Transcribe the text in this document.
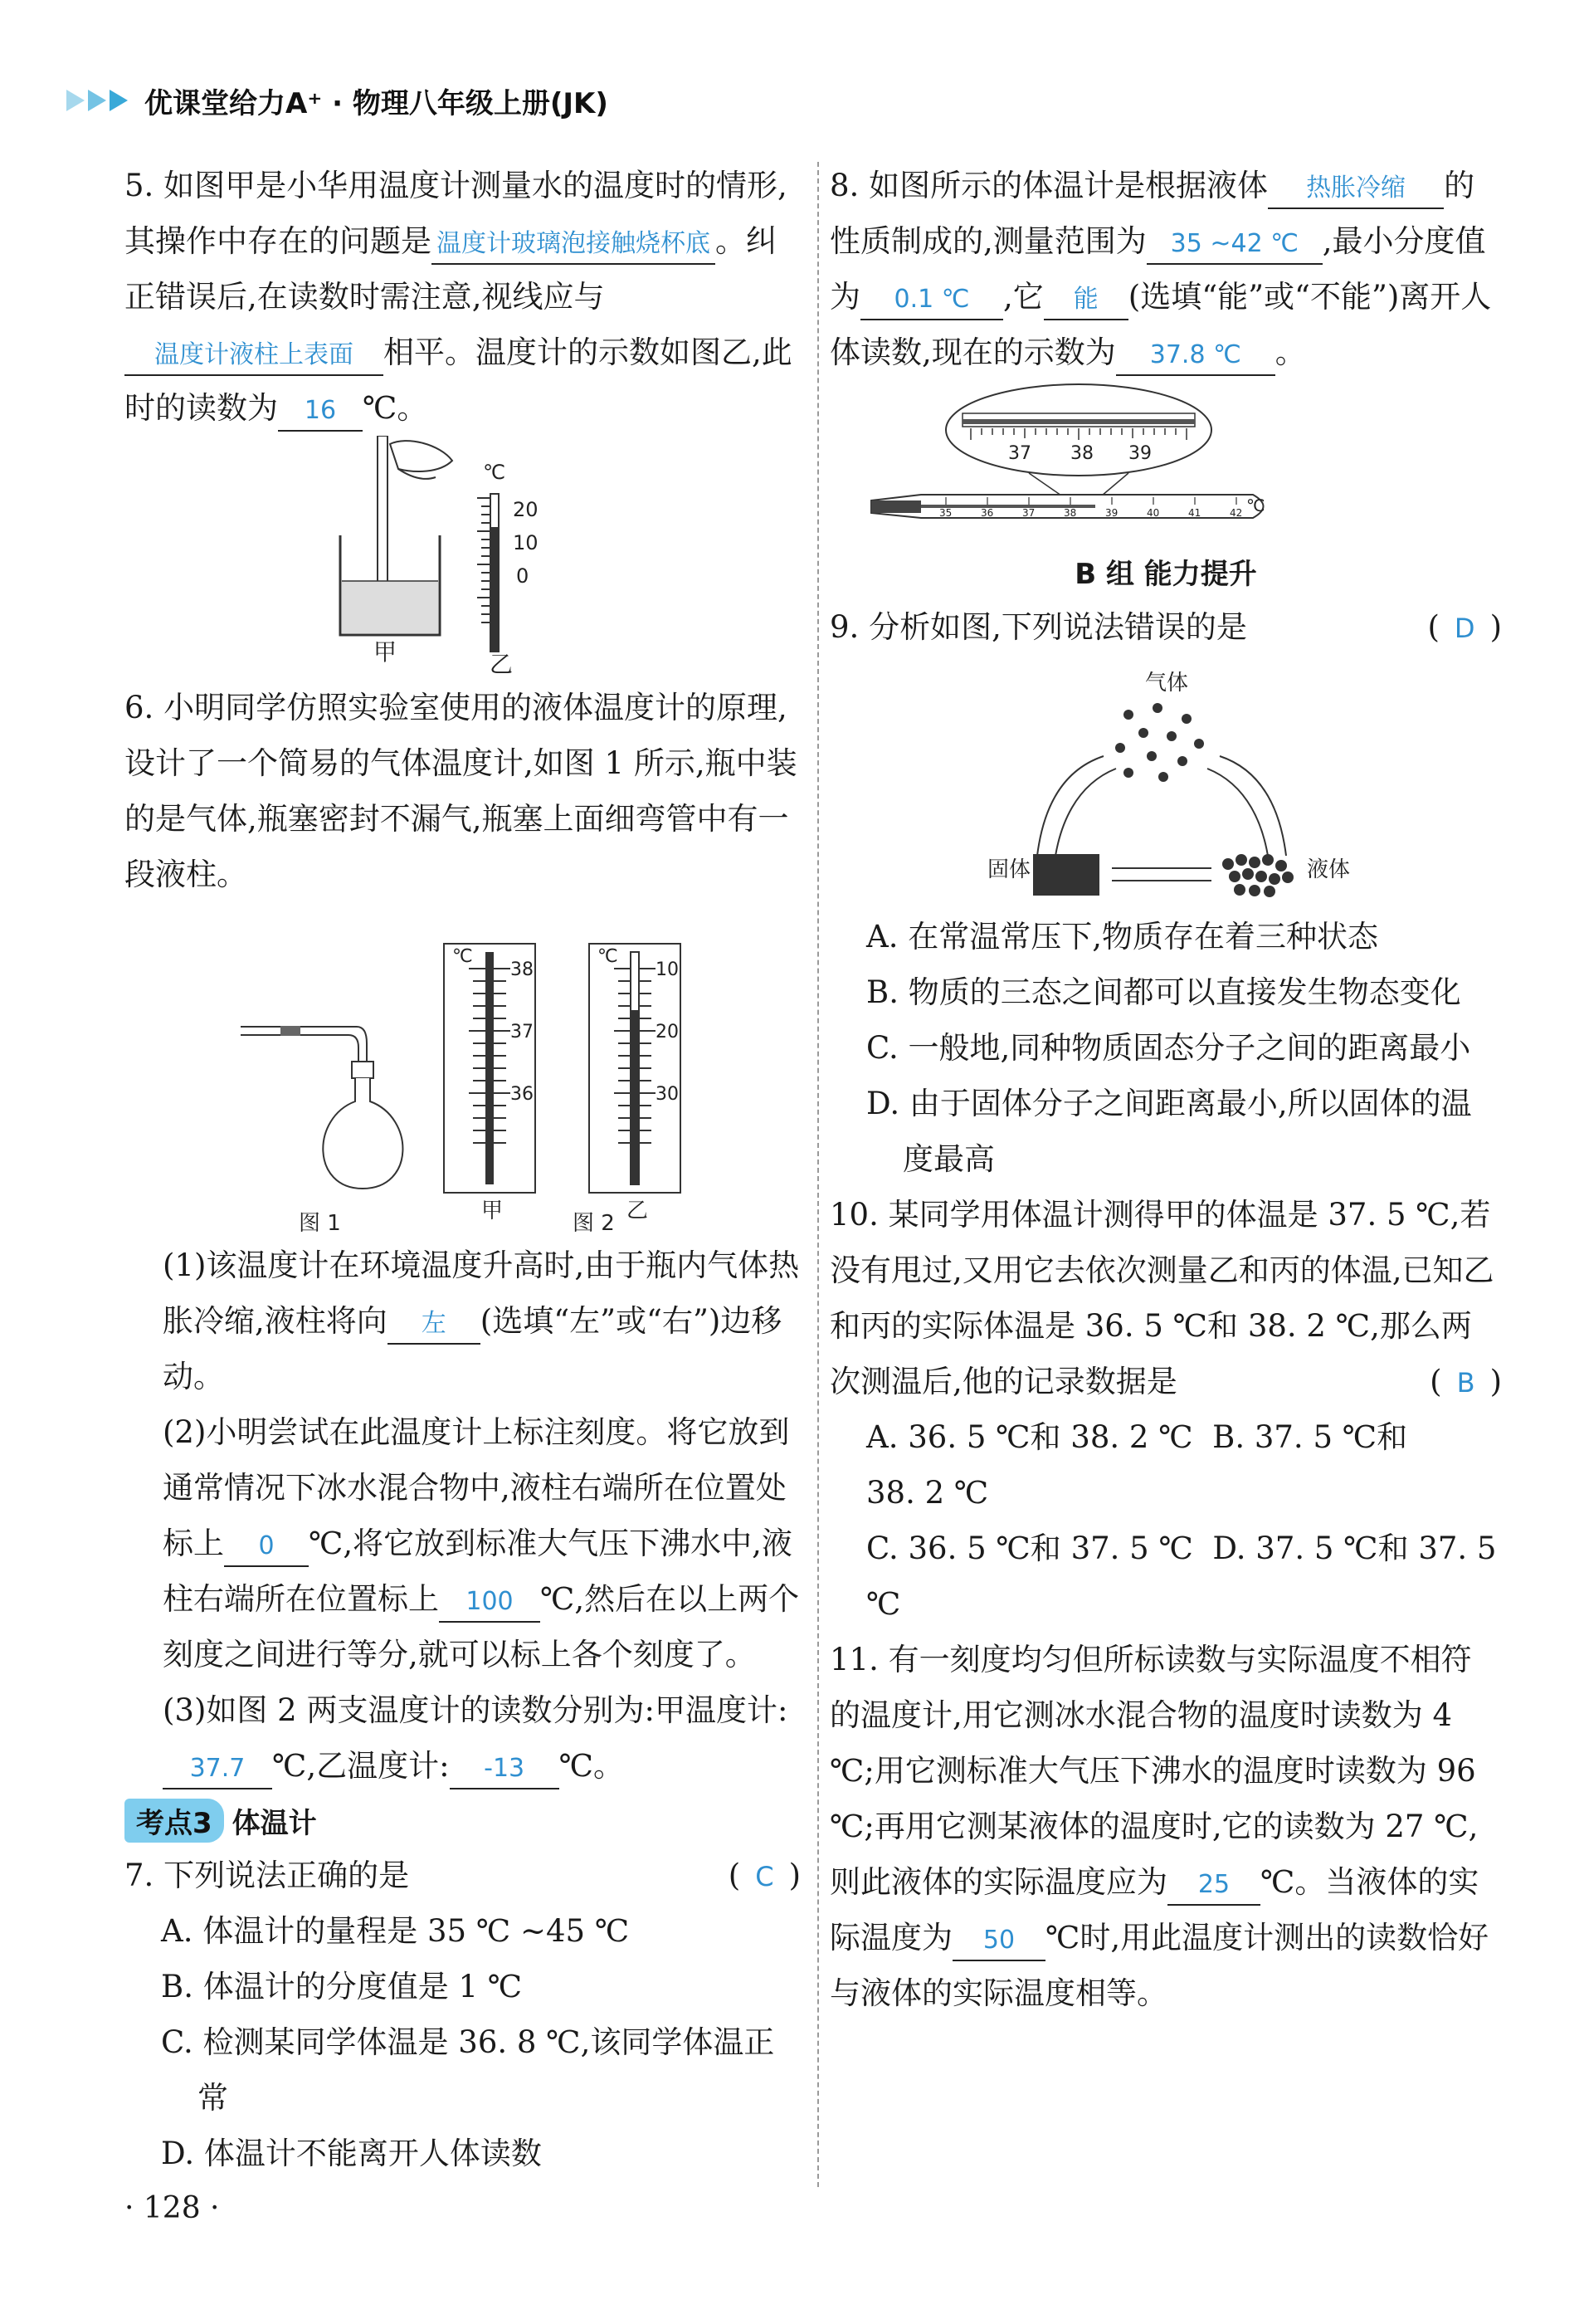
优课堂给力A⁺ · 物理八年级上册(JK)
5. 如图甲是小华用温度计测量水的温度时的情形,其操作中存在的问题是 温度计玻璃泡接触烧杯底 。纠正错误后,在读数时需注意,视线应与温度计液柱上表面 相平。温度计的示数如图乙,此时的读数为 16 ℃。
甲
℃
20
10
0
乙
6. 小明同学仿照实验室使用的液体温度计的原理,设计了一个简易的气体温度计,如图 1 所示,瓶中装的是气体,瓶塞密封不漏气,瓶塞上面细弯管中有一段液柱。
℃
38
37
36
甲
℃
10
20
30
乙
图 1	图 2
(1)该温度计在环境温度升高时,由于瓶内气体热胀冷缩,液柱将向 左 (选填“左”或“右”)边移动。
(2)小明尝试在此温度计上标注刻度。将它放到通常情况下冰水混合物中,液柱右端所在位置处标上 0 ℃,将它放到标准大气压下沸水中,液柱右端所在位置标上 100 ℃,然后在以上两个刻度之间进行等分,就可以标上各个刻度了。
(3)如图 2 两支温度计的读数分别为:甲温度计:37.7 ℃,乙温度计: -13 ℃。
考点3 体温计
7. 下列说法正确的是	( C )
A. 体温计的量程是 35 ℃ ~45 ℃
B. 体温计的分度值是 1 ℃
C. 检测某同学体温是 36. 8 ℃,该同学体温正常
D. 体温计不能离开人体读数
8. 如图所示的体温计是根据液体 热胀冷缩 的性质制成的,测量范围为 35 ~42 ℃ ,最小分度值为 0.1 ℃ ,它 能 (选填“能”或“不能”)离开人体读数,现在的示数为 37.8 ℃ 。
37 38 39
35	36	37	38	39	40	41	42 ℃
B 组 能力提升
9. 分析如图,下列说法错误的是	( D )
气体
固体	液体
A. 在常温常压下,物质存在着三种状态
B. 物质的三态之间都可以直接发生物态变化
C. 一般地,同种物质固态分子之间的距离最小
D. 由于固体分子之间距离最小,所以固体的温度最高
10. 某同学用体温计测得甲的体温是 37. 5 ℃,若没有甩过,又用它去依次测量乙和丙的体温,已知乙和丙的实际体温是 36. 5 ℃和 38. 2 ℃,那么两次测温后,他的记录数据是	( B )
A. 36. 5 ℃和 38. 2 ℃ B. 37. 5 ℃和 38. 2 ℃
C. 36. 5 ℃和 37. 5 ℃ D. 37. 5 ℃和 37. 5 ℃
11. 有一刻度均匀但所标读数与实际温度不相符的温度计,用它测冰水混合物的温度时读数为 4 ℃;用它测标准大气压下沸水的温度时读数为 96 ℃;再用它测某液体的温度时,它的读数为 27 ℃,则此液体的实际温度应为 25 ℃。当液体的实际温度为 50 ℃时,用此温度计测出的读数恰好与液体的实际温度相等。
· 128 ·
